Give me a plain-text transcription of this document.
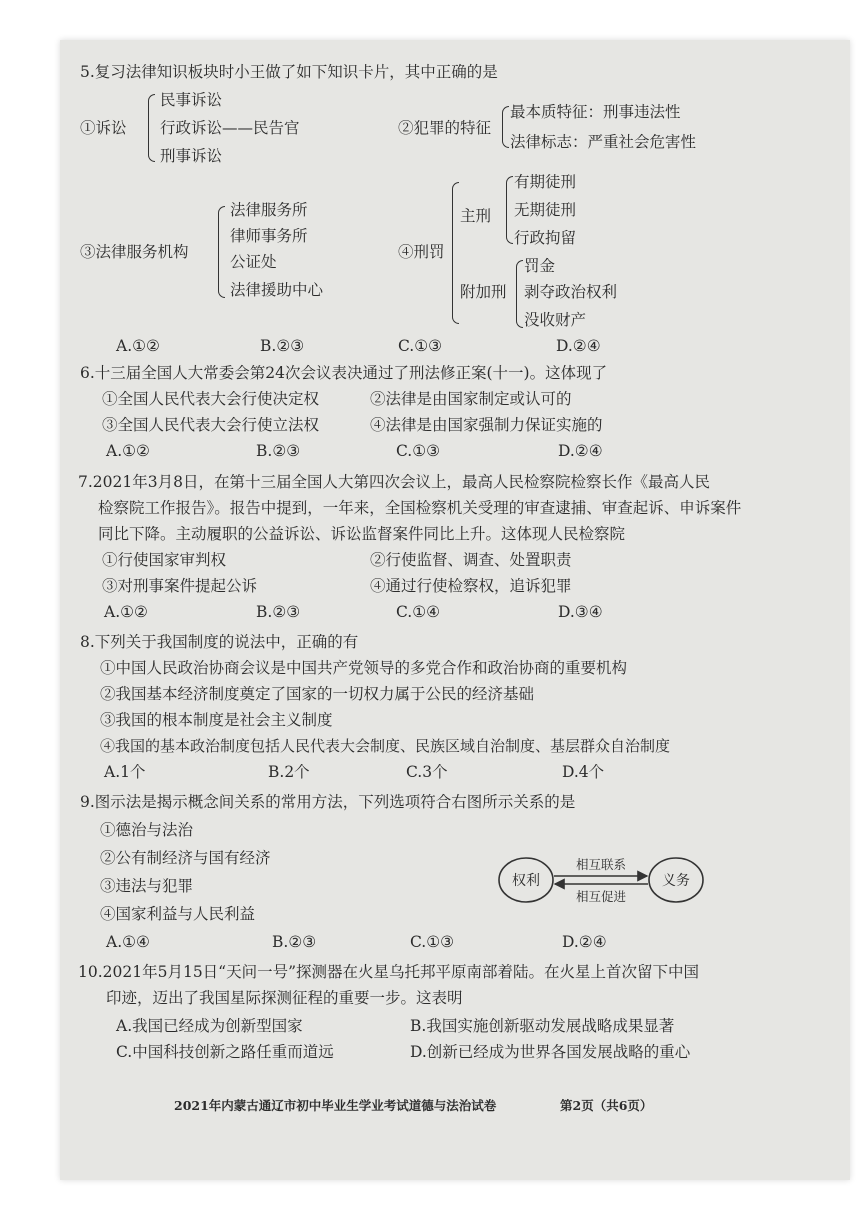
5.复习法律知识板块时小王做了如下知识卡片，其中正确的是
①诉讼
民事诉讼
行政诉讼——民告官
刑事诉讼
②犯罪的特征
最本质特征：刑事违法性
法律标志：严重社会危害性
③法律服务机构
法律服务所
律师事务所
公证处
法律援助中心
④刑罚
主刑
有期徒刑
无期徒刑
行政拘留
附加刑
罚金
剥夺政治权利
没收财产
A.①②	B.②③	C.①③	D.②④
6.十三届全国人大常委会第24次会议表决通过了刑法修正案(十一)。这体现了
①全国人民代表大会行使决定权	②法律是由国家制定或认可的
③全国人民代表大会行使立法权	④法律是由国家强制力保证实施的
A.①②	B.②③	C.①③	D.②④
7.2021年3月8日，在第十三届全国人大第四次会议上，最高人民检察院检察长作《最高人民
检察院工作报告》。报告中提到，一年来，全国检察机关受理的审查逮捕、审查起诉、申诉案件
同比下降。主动履职的公益诉讼、诉讼监督案件同比上升。这体现人民检察院
①行使国家审判权	②行使监督、调查、处置职责
③对刑事案件提起公诉	④通过行使检察权，追诉犯罪
A.①②	B.②③	C.①④	D.③④
8.下列关于我国制度的说法中，正确的有
①中国人民政治协商会议是中国共产党领导的多党合作和政治协商的重要机构
②我国基本经济制度奠定了国家的一切权力属于公民的经济基础
③我国的根本制度是社会主义制度
④我国的基本政治制度包括人民代表大会制度、民族区域自治制度、基层群众自治制度
A.1个	B.2个	C.3个	D.4个
9.图示法是揭示概念间关系的常用方法，下列选项符合右图所示关系的是
①德治与法治
②公有制经济与国有经济
③违法与犯罪
④国家利益与人民利益
权利	义务
相互联系
相互促进
A.①④	B.②③	C.①③	D.②④
10.2021年5月15日“天问一号”探测器在火星乌托邦平原南部着陆。在火星上首次留下中国
印迹，迈出了我国星际探测征程的重要一步。这表明
A.我国已经成为创新型国家	B.我国实施创新驱动发展战略成果显著
C.中国科技创新之路任重而道远	D.创新已经成为世界各国发展战略的重心
2021年内蒙古通辽市初中毕业生学业考试道德与法治试卷	第2页（共6页）
